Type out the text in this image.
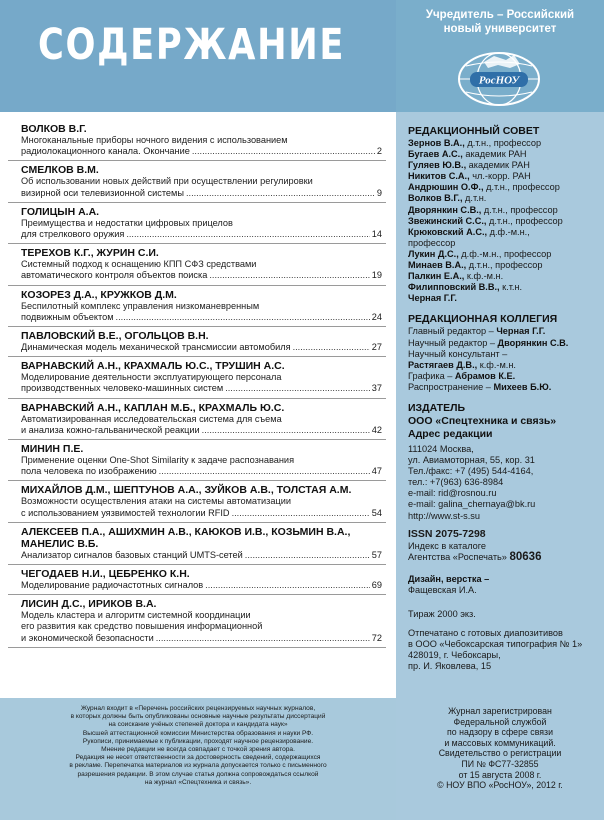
СОДЕРЖАНИЕ
ВОЛКОВ В.Г.
Многоканальные приборы ночного видения с использованием
радиолокационного канала. Окончание .....	2
СМЕЛКОВ В.М.
Об использовании новых действий при осуществлении регулировки
визирной оси телевизионной системы .....	9
ГОЛИЦЫН А.А.
Преимущества и недостатки цифровых прицелов
для стрелкового оружия .....	14
ТЕРЕХОВ К.Г., ЖУРИН С.И.
Системный подход к оснащению КПП СФЗ средствами
автоматического контроля объектов поиска .....	19
КОЗОРЕЗ Д.А., КРУЖКОВ Д.М.
Беспилотный комплекс управления низкоманевренным
подвижным объектом .....	24
ПАВЛОВСКИЙ В.Е., ОГОЛЬЦОВ В.Н.
Динамическая модель механической трансмиссии автомобиля .....	27
ВАРНАВСКИЙ А.Н., КРАХМАЛЬ Ю.С., ТРУШИН А.С.
Моделирование деятельности эксплуатирующего персонала
производственных человеко-машинных систем .....	37
ВАРНАВСКИЙ А.Н., КАПЛАН М.Б., КРАХМАЛЬ Ю.С.
Автоматизированная исследовательская система для съема
и анализа кожно-гальванической реакции .....	42
МИНИН П.Е.
Применение оценки One-Shot Similarity к задаче распознавания
пола человека по изображению .....	47
МИХАЙЛОВ Д.М., ШЕПТУНОВ А.А., ЗУЙКОВ А.В., ТОЛСТАЯ А.М.
Возможности осуществления атаки на системы автоматизации
с использованием уязвимостей технологии RFID .....	54
АЛЕКСЕЕВ П.А., АШИХМИН А.В., КАЮКОВ И.В., КОЗЬМИН В.А., МАНЕЛИС В.Б.
Анализатор сигналов базовых станций UMTS-сетей .....	57
ЧЕГОДАЕВ Н.И., ЦЕБРЕНКО К.Н.
Моделирование радиочастотных сигналов .....	69
ЛИСИН Д.С., ИРИКОВ В.А.
Модель кластера и алгоритм системной координации
его развития как средство повышения информационной
и экономической безопасности .....	72
Журнал входит в «Перечень российских рецензируемых научных журналов,
в которых должны быть опубликованы основные научные результаты диссертаций
на соискание учёных степеней доктора и кандидата наук»
Высшей аттестационной комиссии Министерства образования и науки РФ.
Рукописи, принимаемые к публикации, проходят научное рецензирование.
Мнение редакции не всегда совпадает с точкой зрения автора.
Редакция не несет ответственности за достоверность сведений, содержащихся
в рекламе. Перепечатка материалов из журнала допускается только с письменного
разрешения редакции. В этом случае статья должна сопровождаться ссылкой
на журнал «Спецтехника и связь».
Учредитель – Российский новый университет
РосНОУ
РЕДАКЦИОННЫЙ СОВЕТ
Зернов В.А., д.т.н., профессор
Бугаев А.С., академик РАН
Гуляев Ю.В., академик РАН
Никитов С.А., чл.-корр. РАН
Андрюшин О.Ф., д.т.н., профессор
Волков В.Г., д.т.н.
Дворянкин С.В., д.т.н., профессор
Звежинский С.С., д.т.н., профессор
Крюковский А.С., д.ф.-м.н.,
профессор
Лукин Д.С., д.ф.-м.н., профессор
Минаев В.А., д.т.н., профессор
Палкин Е.А., к.ф.-м.н.
Филипповский В.В., к.т.н.
Черная Г.Г.
РЕДАКЦИОННАЯ КОЛЛЕГИЯ
Главный редактор – Черная Г.Г.
Научный редактор – Дворянкин С.В.
Научный консультант –
Растягаев Д.В., к.ф.-м.н.
Графика – Абрамов К.Е.
Распространение – Михеев Б.Ю.
ИЗДАТЕЛЬ
ООО «Спецтехника и связь»
Адрес редакции
111024 Москва,
ул. Авиамоторная, 55, кор. 31
Тел./факс: +7 (495) 544-4164,
тел.: +7(963) 636-8984
e-mail: rid@rosnou.ru
e-mail: galina_chernaya@bk.ru
http://www.st-s.su
ISSN 2075-7298
Индекс в каталоге
Агентства «Роспечать» 80636
Дизайн, верстка –
Фащевская И.А.
Тираж 2000 экз.
Отпечатано с готовых диапозитивов
в ООО «Чебоксарская типография № 1»
428019, г. Чебоксары,
пр. И. Яковлева, 15
Журнал зарегистрирован
Федеральной службой
по надзору в сфере связи
и массовых коммуникаций.
Свидетельство о регистрации
ПИ № ФС77-32855
от 15 августа 2008 г.
© НОУ ВПО «РосНОУ», 2012 г.
